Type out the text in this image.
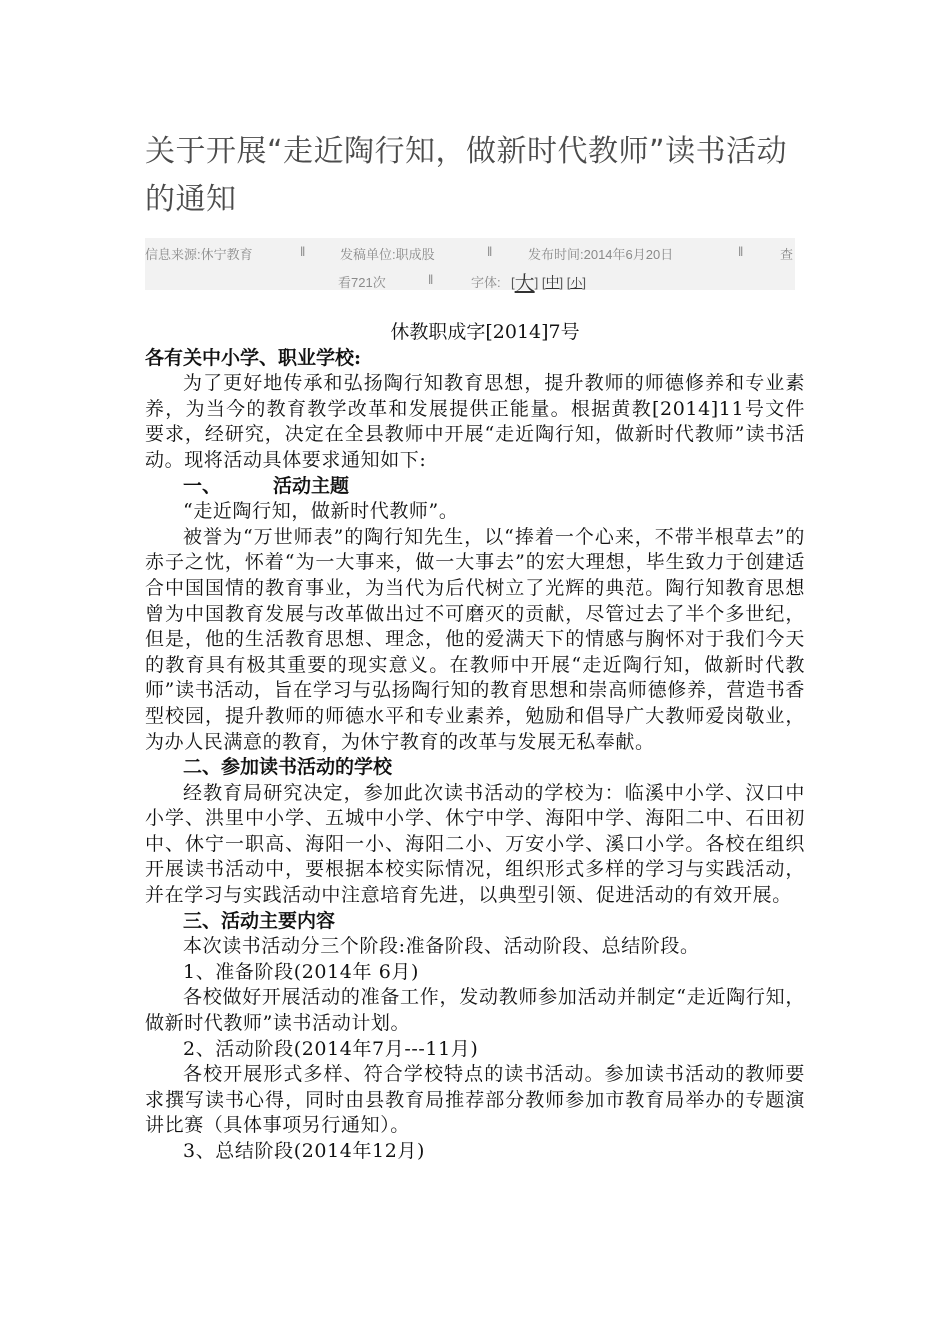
关于开展“走近陶行知，做新时代教师”读书活动的通知
信息来源:休宁教育	‖	发稿单位:职成股	‖	发布时间:2014年6月20日	‖	查
看721次	‖	字体: [大] [中] [小]

休教职成字[2014]7号

各有关中小学、职业学校:

为了更好地传承和弘扬陶行知教育思想，提升教师的师德修养和专业素养，为当今的教育教学改革和发展提供正能量。根据黄教[2014]11号文件要求，经研究，决定在全县教师中开展“走近陶行知，做新时代教师”读书活动。现将活动具体要求通知如下:

一、	活动主题

“走近陶行知，做新时代教师”。

被誉为“万世师表”的陶行知先生，以“捧着一个心来，不带半根草去”的赤子之忱，怀着“为一大事来，做一大事去”的宏大理想，毕生致力于创建适合中国国情的教育事业，为当代为后代树立了光辉的典范。陶行知教育思想曾为中国教育发展与改革做出过不可磨灭的贡献，尽管过去了半个多世纪，但是，他的生活教育思想、理念，他的爱满天下的情感与胸怀对于我们今天的教育具有极其重要的现实意义。在教师中开展“走近陶行知，做新时代教师”读书活动，旨在学习与弘扬陶行知的教育思想和崇高师德修养，营造书香型校园，提升教师的师德水平和专业素养，勉励和倡导广大教师爱岗敬业，为办人民满意的教育，为休宁教育的改革与发展无私奉献。

二、参加读书活动的学校

经教育局研究决定，参加此次读书活动的学校为：临溪中小学、汉口中小学、洪里中小学、五城中小学、休宁中学、海阳中学、海阳二中、石田初中、休宁一职高、海阳一小、海阳二小、万安小学、溪口小学。各校在组织开展读书活动中，要根据本校实际情况，组织形式多样的学习与实践活动，并在学习与实践活动中注意培育先进，以典型引领、促进活动的有效开展。

三、活动主要内容

本次读书活动分三个阶段:准备阶段、活动阶段、总结阶段。

1、准备阶段(2014年 6月)

各校做好开展活动的准备工作，发动教师参加活动并制定“走近陶行知，做新时代教师”读书活动计划。

2、活动阶段(2014年7月---11月)

各校开展形式多样、符合学校特点的读书活动。参加读书活动的教师要求撰写读书心得，同时由县教育局推荐部分教师参加市教育局举办的专题演讲比赛（具体事项另行通知）。

3、总结阶段(2014年12月)
